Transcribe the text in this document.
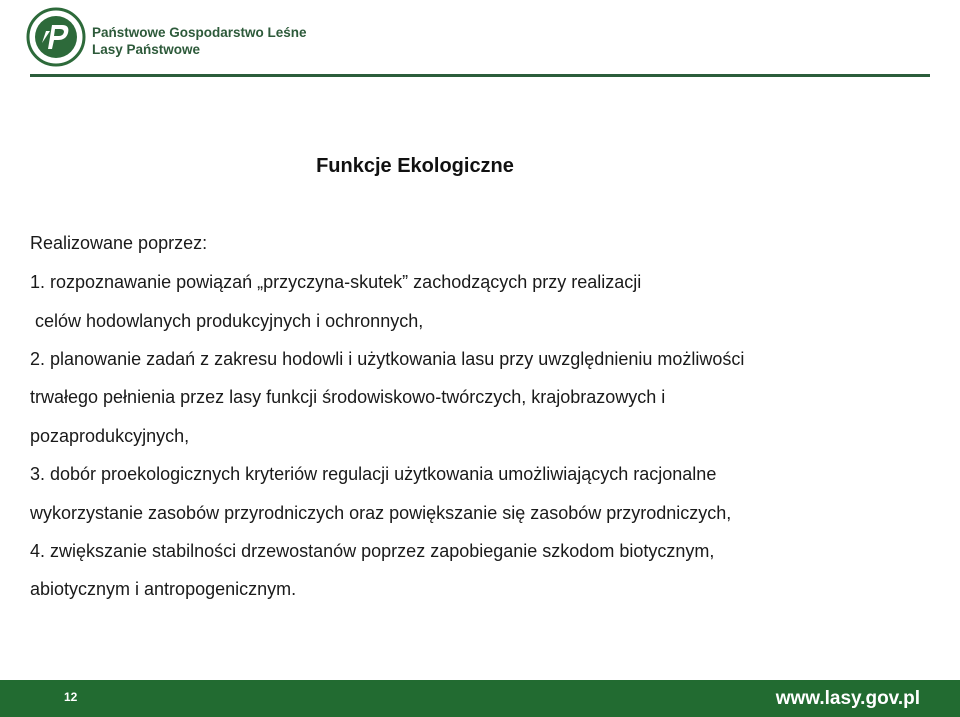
Państwowe Gospodarstwo Leśne
Lasy Państwowe
Funkcje Ekologiczne
Realizowane poprzez:
1. rozpoznawanie powiązań „przyczyna-skutek” zachodzących przy realizacji
celów hodowlanych produkcyjnych i ochronnych,
2. planowanie zadań z zakresu hodowli i użytkowania lasu przy uwzględnieniu możliwości
trwałego pełnienia przez lasy funkcji środowiskowo-twórczych, krajobrazowych i
pozaprodukcyjnych,
3. dobór proekologicznych kryteriów regulacji użytkowania umożliwiających racjonalne
wykorzystanie zasobów przyrodniczych oraz powiększanie się zasobów przyrodniczych,
4. zwiększanie stabilności drzewostanów poprzez zapobieganie szkodom biotycznym,
abiotycznym i antropogenicznym.
12	www.lasy.gov.pl
